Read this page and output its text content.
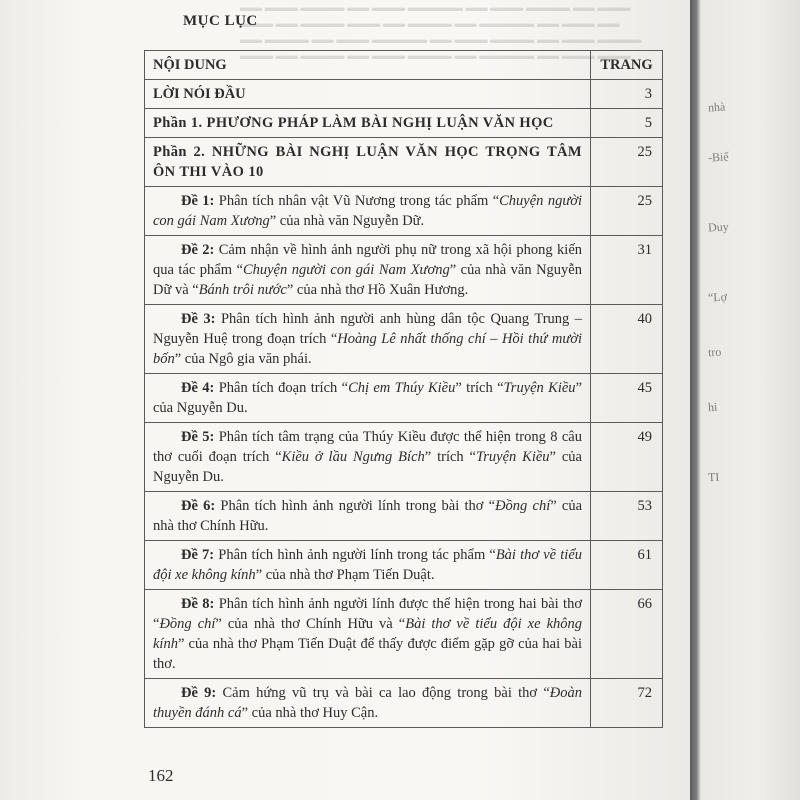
▬▬ ▬▬▬ ▬▬▬▬ ▬▬ ▬▬▬ ▬▬▬▬▬ ▬▬ ▬▬▬ ▬▬▬▬ ▬▬ ▬▬▬
▬▬▬ ▬▬ ▬▬▬▬ ▬▬▬ ▬▬ ▬▬▬▬ ▬▬ ▬▬▬▬▬ ▬▬ ▬▬▬ ▬▬
▬▬ ▬▬▬▬ ▬▬ ▬▬▬ ▬▬▬▬▬ ▬▬ ▬▬▬ ▬▬▬▬ ▬▬ ▬▬▬ ▬▬▬▬
▬▬▬ ▬▬ ▬▬▬▬ ▬▬ ▬▬▬ ▬▬▬▬ ▬▬ ▬▬▬▬▬ ▬▬ ▬▬▬ ▬▬▬
MỤC LỤC
NỘI DUNG	TRANG
LỜI NÓI ĐẦU	3
Phần 1. PHƯƠNG PHÁP LÀM BÀI NGHỊ LUẬN VĂN HỌC	5
Phần 2. NHỮNG BÀI NGHỊ LUẬN VĂN HỌC TRỌNG TÂM ÔN THI VÀO 10	25
Đề 1: Phân tích nhân vật Vũ Nương trong tác phẩm “Chuyện người con gái Nam Xương” của nhà văn Nguyễn Dữ.	25
Đề 2: Cảm nhận về hình ảnh người phụ nữ trong xã hội phong kiến qua tác phẩm “Chuyện người con gái Nam Xương” của nhà văn Nguyễn Dữ và “Bánh trôi nước” của nhà thơ Hồ Xuân Hương.	31
Đề 3: Phân tích hình ảnh người anh hùng dân tộc Quang Trung – Nguyễn Huệ trong đoạn trích “Hoàng Lê nhất thống chí – Hồi thứ mười bốn” của Ngô gia văn phái.	40
Đề 4: Phân tích đoạn trích “Chị em Thúy Kiều” trích “Truyện Kiều” của Nguyễn Du.	45
Đề 5: Phân tích tâm trạng của Thúy Kiều được thể hiện trong 8 câu thơ cuối đoạn trích “Kiều ở lầu Ngưng Bích” trích “Truyện Kiều” của Nguyễn Du.	49
Đề 6: Phân tích hình ảnh người lính trong bài thơ “Đồng chí” của nhà thơ Chính Hữu.	53
Đề 7: Phân tích hình ảnh người lính trong tác phẩm “Bài thơ về tiểu đội xe không kính” của nhà thơ Phạm Tiến Duật.	61
Đề 8: Phân tích hình ảnh người lính được thể hiện trong hai bài thơ “Đồng chí” của nhà thơ Chính Hữu và “Bài thơ về tiểu đội xe không kính” của nhà thơ Phạm Tiến Duật để thấy được điểm gặp gỡ của hai bài thơ.	66
Đề 9: Cảm hứng vũ trụ và bài ca lao động trong bài thơ “Đoàn thuyền đánh cá” của nhà thơ Huy Cận.	72
162
nhà
-Biế
Duy
“Lợ
tro
hi
TI
